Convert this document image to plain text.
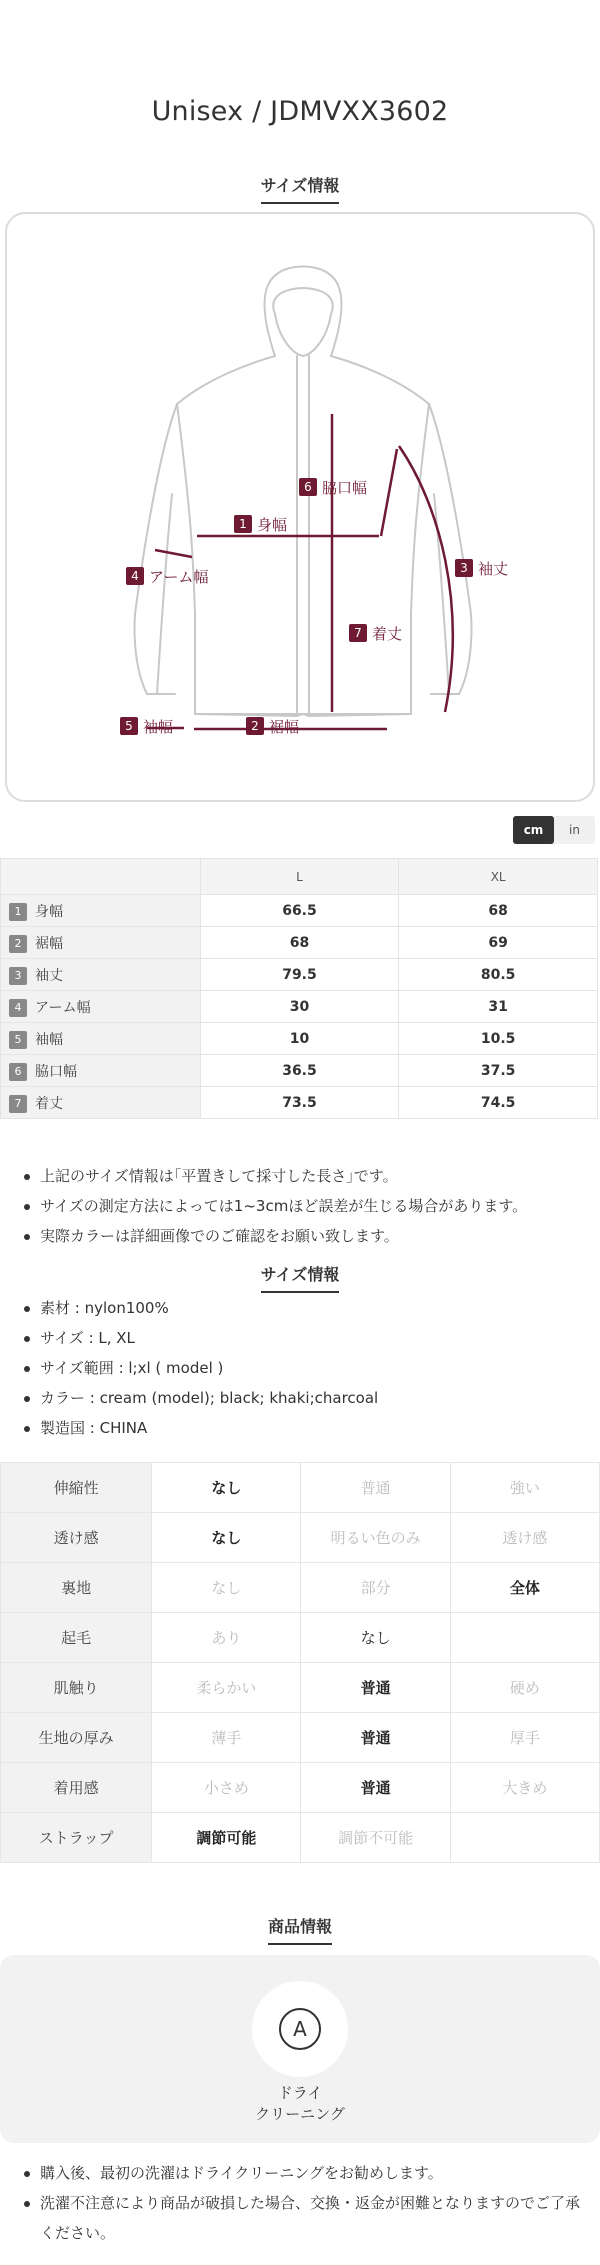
Unisex / JDMVXX3602
サイズ情報
1
2
3
4
5
6
7
身幅
裾幅
袖丈
アーム幅
袖幅
脇口幅
着丈
cm	in
	L	XL
1 身幅	66.5	68
2 裾幅	68	69
3 袖丈	79.5	80.5
4 アーム幅	30	31
5 袖幅	10	10.5
6 脇口幅	36.5	37.5
7 着丈	73.5	74.5
上記のサイズ情報は｢平置きして採寸した長さ｣です。
サイズの測定方法によっては1~3cmほど誤差が生じる場合があります。
実際カラーは詳細画像でのご確認をお願い致します。
サイズ情報
素材 : nylon100%
サイズ : L, XL
サイズ範囲 : l;xl ( model )
カラー : cream (model); black; khaki;charcoal
製造国 : CHINA
伸縮性	なし	普通	強い
透け感	なし	明るい色のみ	透け感
裏地	なし	部分	全体
起毛	あり	なし	
肌触り	柔らかい	普通	硬め
生地の厚み	薄手	普通	厚手
着用感	小さめ	普通	大きめ
ストラップ	調節可能	調節不可能	
商品情報
A
ドライ
クリーニング
購入後、最初の洗濯はドライクリーニングをお勧めします。
洗濯不注意により商品が破損した場合、交換・返金が困難となりますのでご了承ください。
